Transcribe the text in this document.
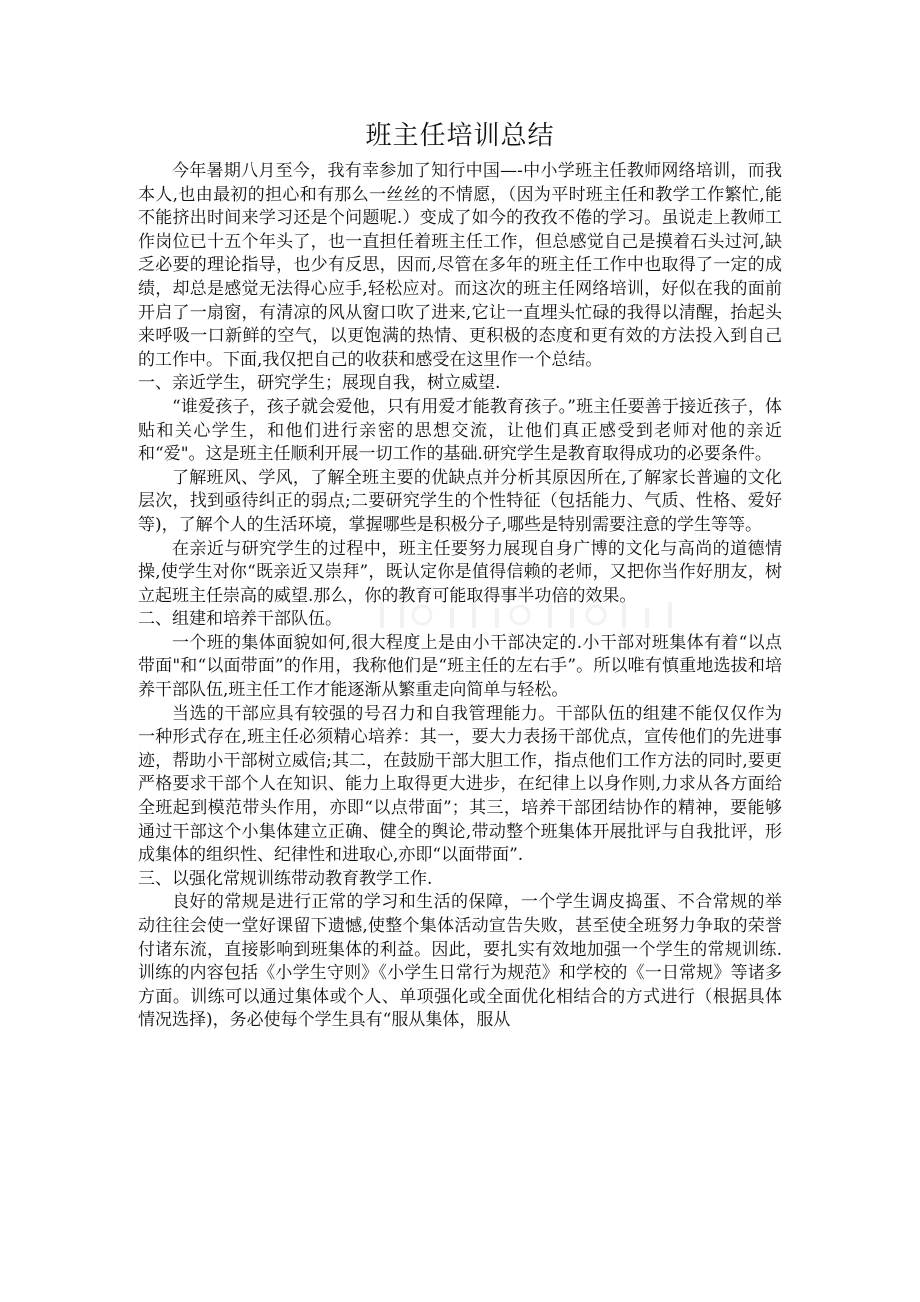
班主任培训总结

今年暑期八月至今，我有幸参加了知行中国—-中小学班主任教师网络培训，而我本人,也由最初的担心和有那么一丝丝的不情愿，（因为平时班主任和教学工作繁忙,能不能挤出时间来学习还是个问题呢.）变成了如今的孜孜不倦的学习。虽说走上教师工作岗位已十五个年头了，也一直担任着班主任工作，但总感觉自己是摸着石头过河,缺乏必要的理论指导，也少有反思，因而,尽管在多年的班主任工作中也取得了一定的成绩，却总是感觉无法得心应手,轻松应对。而这次的班主任网络培训，好似在我的面前开启了一扇窗，有清凉的风从窗口吹了进来,它让一直埋头忙碌的我得以清醒，抬起头来呼吸一口新鲜的空气，以更饱满的热情、更积极的态度和更有效的方法投入到自己的工作中。下面,我仅把自己的收获和感受在这里作一个总结。

一、亲近学生，研究学生；展现自我，树立威望.

“谁爱孩子，孩子就会爱他，只有用爱才能教育孩子。”班主任要善于接近孩子，体贴和关心学生，和他们进行亲密的思想交流，让他们真正感受到老师对他的亲近和“爱"。这是班主任顺利开展一切工作的基础.研究学生是教育取得成功的必要条件。

了解班风、学风，了解全班主要的优缺点并分析其原因所在,了解家长普遍的文化层次，找到亟待纠正的弱点;二要研究学生的个性特征（包括能力、气质、性格、爱好等)，了解个人的生活环境，掌握哪些是积极分子,哪些是特别需要注意的学生等等。

在亲近与研究学生的过程中，班主任要努力展现自身广博的文化与高尚的道德情操,使学生对你“既亲近又崇拜”，既认定你是值得信赖的老师，又把你当作好朋友，树立起班主任崇高的威望.那么，你的教育可能取得事半功倍的效果。

二、组建和培养干部队伍。

一个班的集体面貌如何,很大程度上是由小干部决定的.小干部对班集体有着“以点带面"和“以面带面”的作用，我称他们是“班主任的左右手”。所以唯有慎重地选拔和培养干部队伍,班主任工作才能逐渐从繁重走向简单与轻松。

当选的干部应具有较强的号召力和自我管理能力。干部队伍的组建不能仅仅作为一种形式存在,班主任必须精心培养：其一，要大力表扬干部优点，宣传他们的先进事迹，帮助小干部树立威信;其二，在鼓励干部大胆工作，指点他们工作方法的同时,要更严格要求干部个人在知识、能力上取得更大进步，在纪律上以身作则,力求从各方面给全班起到模范带头作用，亦即“以点带面”；其三，培养干部团结协作的精神，要能够通过干部这个小集体建立正确、健全的舆论,带动整个班集体开展批评与自我批评，形成集体的组织性、纪律性和进取心,亦即“以面带面”.

三、以强化常规训练带动教育教学工作.

良好的常规是进行正常的学习和生活的保障，一个学生调皮捣蛋、不合常规的举动往往会使一堂好课留下遗憾,使整个集体活动宣告失败，甚至使全班努力争取的荣誉付诸东流，直接影响到班集体的利益。因此，要扎实有效地加强一个学生的常规训练.训练的内容包括《小学生守则》《小学生日常行为规范》和学校的《一日常规》等诸多方面。训练可以通过集体或个人、单项强化或全面优化相结合的方式进行（根据具体情况选择)，务必使每个学生具有“服从集体，服从
